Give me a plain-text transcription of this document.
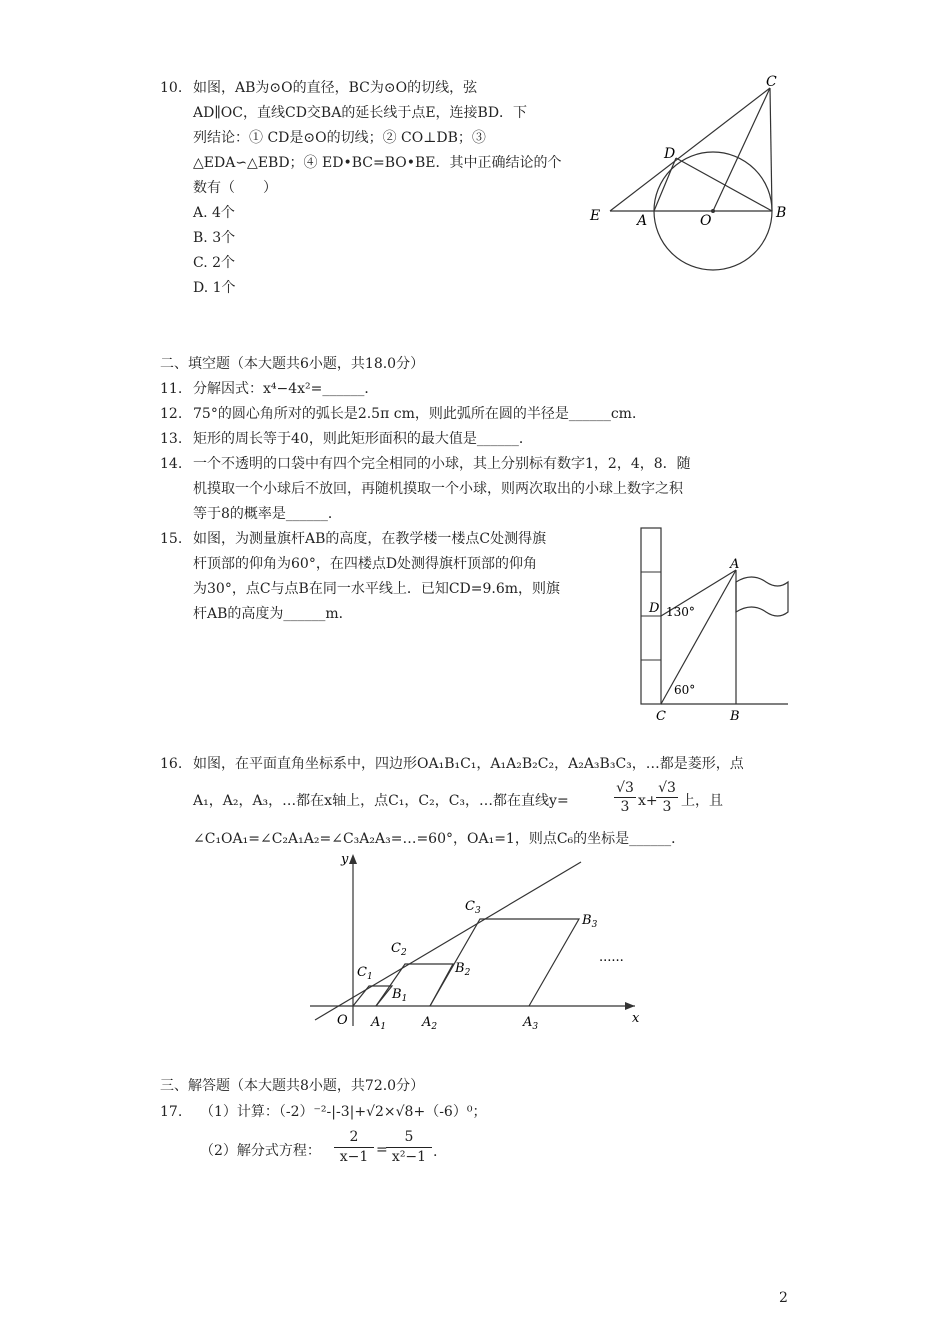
10. 如图，AB为⊙O的直径，BC为⊙O的切线，弦
AD∥OC，直线CD交BA的延长线于点E，连接BD．下
列结论：① CD是⊙O的切线；② CO⊥DB；③
△EDA∽△EBD；④ ED•BC=BO•BE．其中正确结论的个
数有（　　）
A. 4个
B. 3个
C. 2个
D. 1个
C
D
E	A	O	B
二、填空题（本大题共6小题，共18.0分）
11. 分解因式：x⁴−4x²=______．
12. 75°的圆心角所对的弧长是2.5π cm，则此弧所在圆的半径是______cm．
13. 矩形的周长等于40，则此矩形面积的最大值是______．
14. 一个不透明的口袋中有四个完全相同的小球，其上分别标有数字1，2，4，8．随
机摸取一个小球后不放回，再随机摸取一个小球，则两次取出的小球上数字之积
等于8的概率是______．
15. 如图，为测量旗杆AB的高度，在教学楼一楼点C处测得旗
杆顶部的仰角为60°，在四楼点D处测得旗杆顶部的仰角
为30°，点C与点B在同一水平线上．已知CD=9.6m，则旗
杆AB的高度为______m．
A
D 130°
60°
C	B
16. 如图，在平面直角坐标系中，四边形OA₁B₁C₁，A₁A₂B₂C₂，A₂A₃B₃C₃，…都是菱形，点
A₁，A₂，A₃，…都在x轴上，点C₁，C₂，C₃，…都在直线y=	$\frac{√3}{3} x+$
$\frac{√3}{3}$ 上，且
∠C₁OA₁=∠C₂A₁A₂=∠C₃A₂A₃=…=60°，OA₁=1，则点C₆的坐标是______．
y
x
O $A_1$	$A_2$	$A_3$
$C_1$
$C_2$
$C_3$
$B_1$
$B_2$
$B_3$
......
三、解答题（本大题共8小题，共72.0分）
17. （1）计算：（-2）⁻²-|-3|+√2×√8+（-6）⁰；
（2）解分式方程： $\frac{2}{x-1}$ =
$\frac{5}{\text{x²−1}}$ .
2
